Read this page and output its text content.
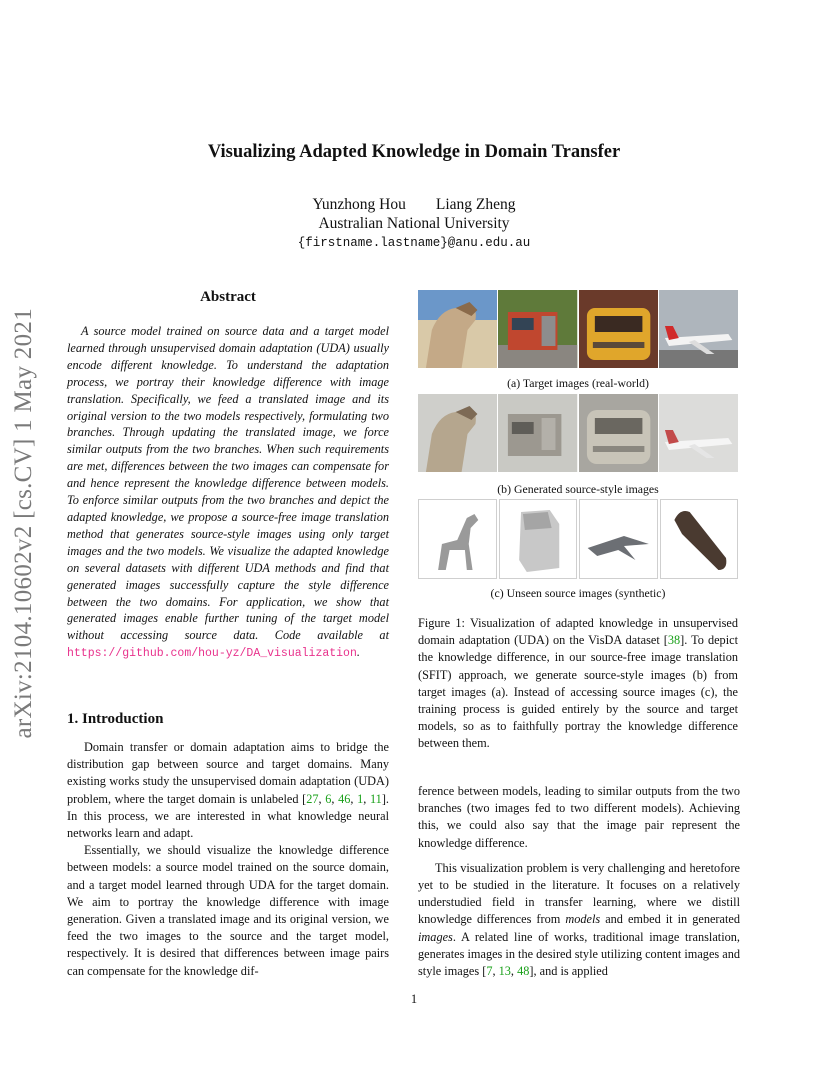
arXiv:2104.10602v2 [cs.CV] 1 May 2021
Visualizing Adapted Knowledge in Domain Transfer
Yunzhong Hou Liang Zheng
Australian National University
{firstname.lastname}@anu.edu.au
Abstract

A source model trained on source data and a target model learned through unsupervised domain adaptation (UDA) usually encode different knowledge. To understand the adaptation process, we portray their knowledge difference with image translation. Specifically, we feed a translated image and its original version to the two models respectively, formulating two branches. Through updating the translated image, we force similar outputs from the two branches. When such requirements are met, differences between the two images can compensate for and hence represent the knowledge difference between models. To enforce similar outputs from the two branches and depict the adapted knowledge, we propose a source-free image translation method that generates source-style images using only target images and the two models. We visualize the adapted knowledge on several datasets with different UDA methods and find that generated images successfully capture the style difference between the two domains. For application, we show that generated images enable further tuning of the target model without accessing source data. Code available at https://github.com/hou-yz/DA_visualization.

1. Introduction

Domain transfer or domain adaptation aims to bridge the distribution gap between source and target domains. Many existing works study the unsupervised domain adaptation (UDA) problem, where the target domain is unlabeled [27, 6, 46, 1, 11]. In this process, we are interested in what knowledge neural networks learn and adapt.

Essentially, we should visualize the knowledge difference between models: a source model trained on the source domain, and a target model learned through UDA for the target domain. We aim to portray the knowledge difference with image generation. Given a translated image and its original version, we feed the two images to the source and the target model, respectively. It is desired that differences between image pairs can compensate for the knowledge dif-

(a) Target images (real-world)
(b) Generated source-style images
(c) Unseen source images (synthetic)

Figure 1: Visualization of adapted knowledge in unsupervised domain adaptation (UDA) on the VisDA dataset [38]. To depict the knowledge difference, in our source-free image translation (SFIT) approach, we generate source-style images (b) from target images (a). Instead of accessing source images (c), the training process is guided entirely by the source and target models, so as to faithfully portray the knowledge difference between them.

ference between models, leading to similar outputs from the two branches (two images fed to two different models). Achieving this, we could also say that the image pair represent the knowledge difference.

This visualization problem is very challenging and heretofore yet to be studied in the literature. It focuses on a relatively understudied field in transfer learning, where we distill knowledge differences from models and embed it in generated images. A related line of works, traditional image translation, generates images in the desired style utilizing content images and style images [7, 13, 48], and is applied

1
